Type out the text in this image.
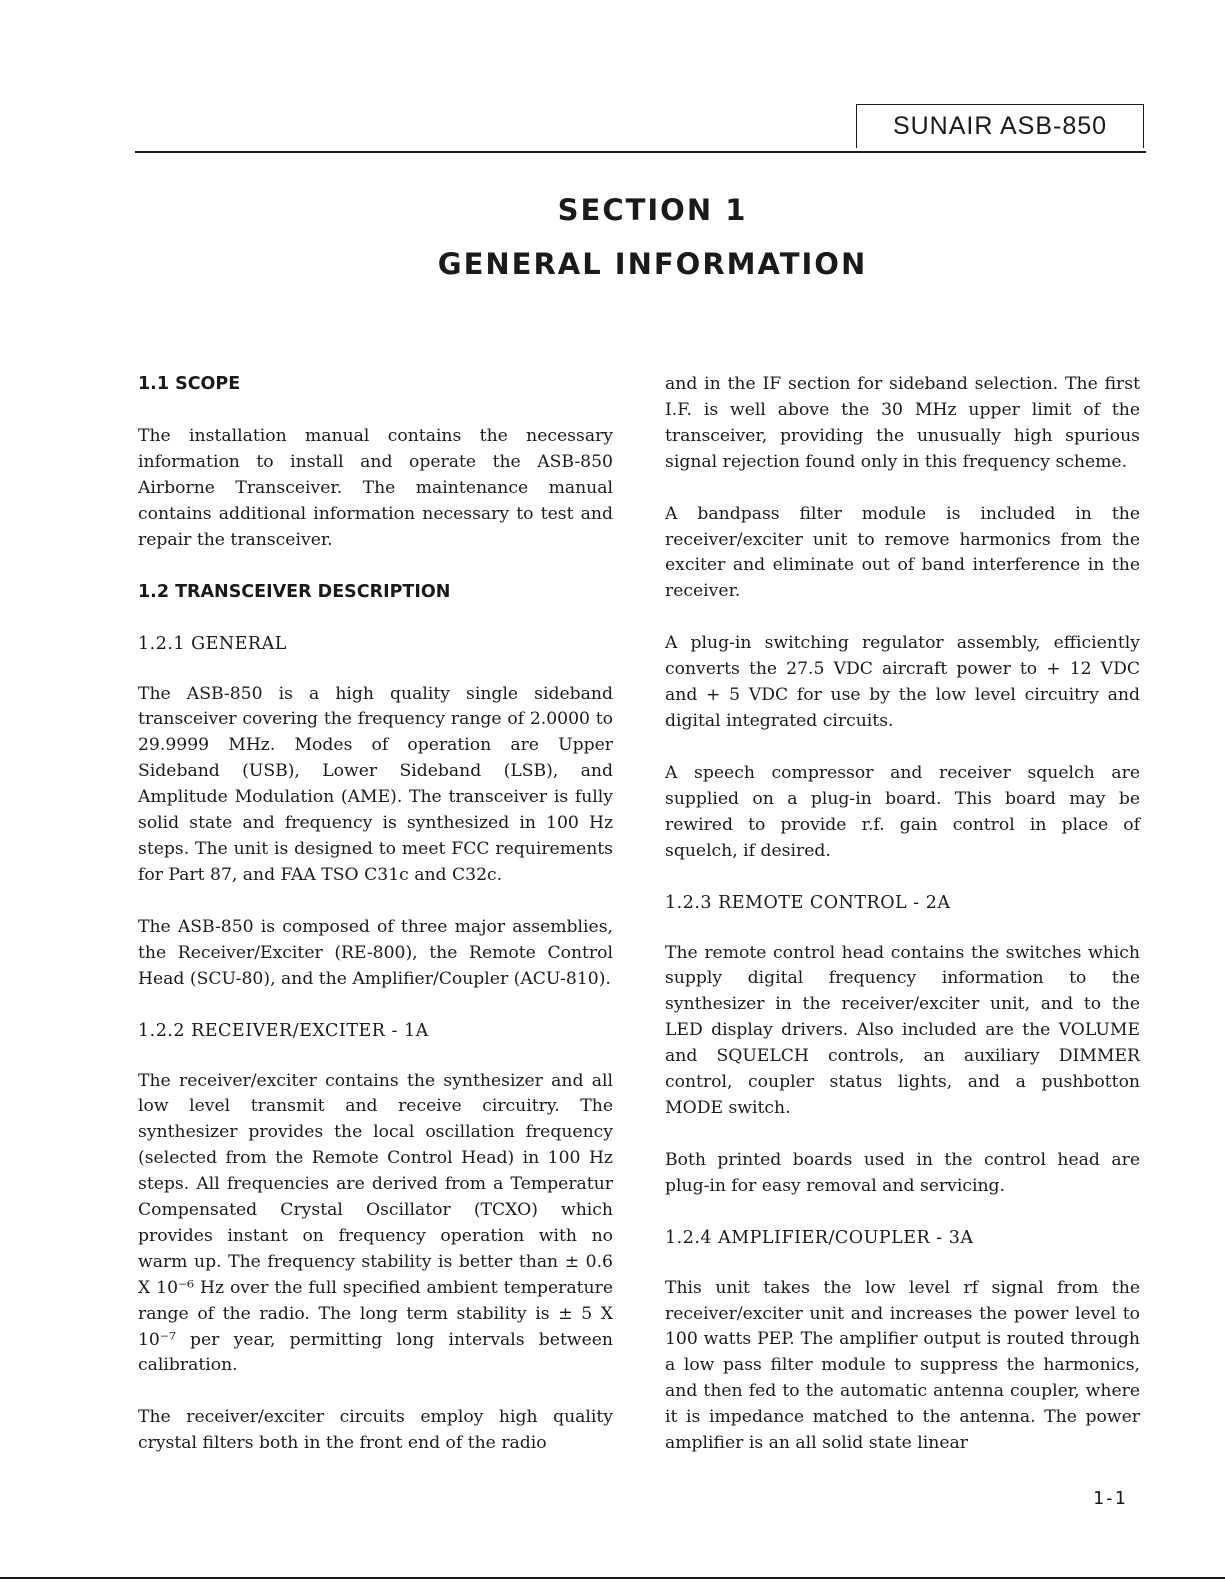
SUNAIR ASB-850
SECTION 1
GENERAL INFORMATION
1.1 SCOPE

The installation manual contains the necessary information to install and operate the ASB-850 Airborne Transceiver. The maintenance manual contains additional information necessary to test and repair the transceiver.

1.2 TRANSCEIVER DESCRIPTION
1.2.1 GENERAL

The ASB-850 is a high quality single sideband transceiver covering the frequency range of 2.0000 to 29.9999 MHz. Modes of operation are Upper Sideband (USB), Lower Sideband (LSB), and Amplitude Modulation (AME). The transceiver is fully solid state and frequency is synthesized in 100 Hz steps. The unit is designed to meet FCC requirements for Part 87, and FAA TSO C31c and C32c.

The ASB-850 is composed of three major assemblies, the Receiver/Exciter (RE-800), the Remote Control Head (SCU-80), and the Amplifier/Coupler (ACU-810).

1.2.2 RECEIVER/EXCITER - 1A

The receiver/exciter contains the synthesizer and all low level transmit and receive circuitry. The synthesizer provides the local oscillation frequency (selected from the Remote Control Head) in 100 Hz steps. All frequencies are derived from a Temperatur Compensated Crystal Oscillator (TCXO) which provides instant on frequency operation with no warm up. The frequency stability is better than ± 0.6 X 10⁻⁶ Hz over the full specified ambient temperature range of the radio. The long term stability is ± 5 X 10⁻⁷ per year, permitting long intervals between calibration.

The receiver/exciter circuits employ high quality crystal filters both in the front end of the radio

and in the IF section for sideband selection. The first I.F. is well above the 30 MHz upper limit of the transceiver, providing the unusually high spurious signal rejection found only in this frequency scheme.

A bandpass filter module is included in the receiver/exciter unit to remove harmonics from the exciter and eliminate out of band interference in the receiver.

A plug-in switching regulator assembly, efficiently converts the 27.5 VDC aircraft power to + 12 VDC and + 5 VDC for use by the low level circuitry and digital integrated circuits.

A speech compressor and receiver squelch are supplied on a plug-in board. This board may be rewired to provide r.f. gain control in place of squelch, if desired.

1.2.3 REMOTE CONTROL - 2A

The remote control head contains the switches which supply digital frequency information to the synthesizer in the receiver/exciter unit, and to the LED display drivers. Also included are the VOLUME and SQUELCH controls, an auxiliary DIMMER control, coupler status lights, and a pushbotton MODE switch.

Both printed boards used in the control head are plug-in for easy removal and servicing.

1.2.4 AMPLIFIER/COUPLER - 3A

This unit takes the low level rf signal from the receiver/exciter unit and increases the power level to 100 watts PEP. The amplifier output is routed through a low pass filter module to suppress the harmonics, and then fed to the automatic antenna coupler, where it is impedance matched to the antenna. The power amplifier is an all solid state linear

1-1
